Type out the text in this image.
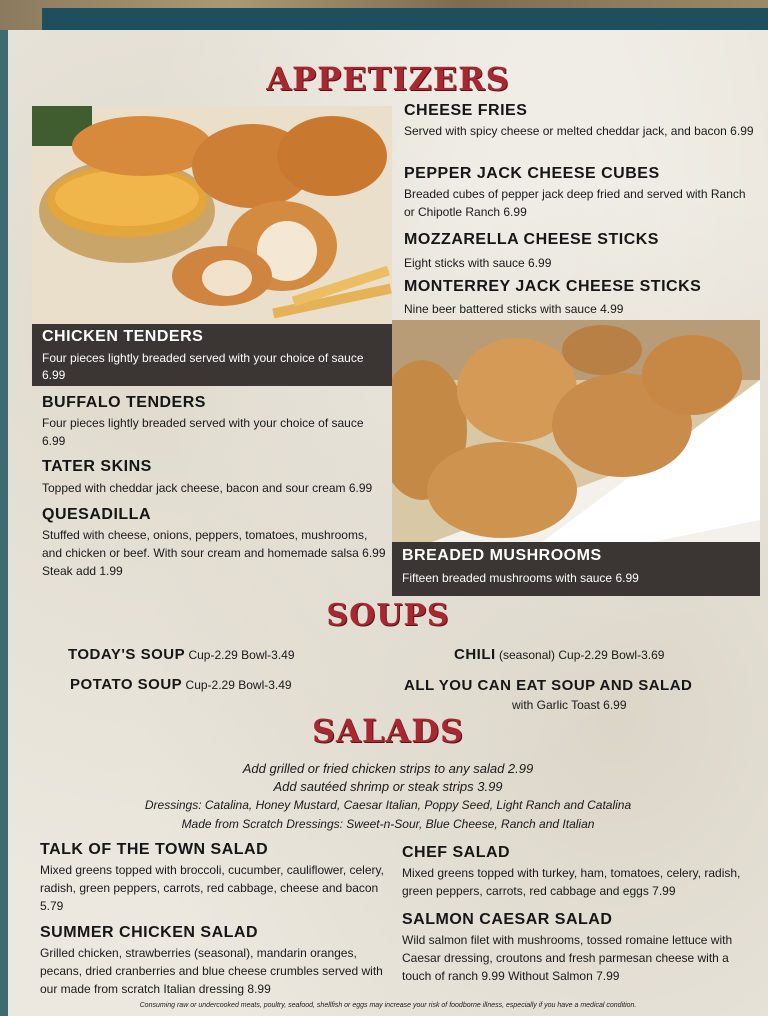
APPETIZERS
CHICKEN TENDERS
Four pieces lightly breaded served with your choice of sauce 6.99
CHEESE FRIES
Served with spicy cheese or melted cheddar jack, and bacon 6.99
PEPPER JACK CHEESE CUBES
Breaded cubes of pepper jack deep fried and served with Ranch or Chipotle Ranch 6.99
MOZZARELLA CHEESE STICKS
Eight sticks with sauce 6.99
MONTERREY JACK CHEESE STICKS
Nine beer battered sticks with sauce 4.99
BREADED MUSHROOMS
Fifteen breaded mushrooms with sauce 6.99
BUFFALO TENDERS
Four pieces lightly breaded served with your choice of sauce 6.99
TATER SKINS
Topped with cheddar jack cheese, bacon and sour cream 6.99
QUESADILLA
Stuffed with cheese, onions, peppers, tomatoes, mushrooms, and chicken or beef. With sour cream and homemade salsa 6.99 Steak add 1.99
SOUPS
TODAY'S SOUP Cup-2.29 Bowl-3.49
POTATO SOUP Cup-2.29 Bowl-3.49
CHILI (seasonal) Cup-2.29 Bowl-3.69
ALL YOU CAN EAT SOUP AND SALAD
with Garlic Toast 6.99
SALADS
Add grilled or fried chicken strips to any salad 2.99
Add sautéed shrimp or steak strips 3.99
Dressings: Catalina, Honey Mustard, Caesar Italian, Poppy Seed, Light Ranch and Catalina
Made from Scratch Dressings: Sweet-n-Sour, Blue Cheese, Ranch and Italian
TALK OF THE TOWN SALAD
Mixed greens topped with broccoli, cucumber, cauliflower, celery, radish, green peppers, carrots, red cabbage, cheese and bacon 5.79
CHEF SALAD
Mixed greens topped with turkey, ham, tomatoes, celery, radish, green peppers, carrots, red cabbage and eggs 7.99
SUMMER CHICKEN SALAD
Grilled chicken, strawberries (seasonal), mandarin oranges, pecans, dried cranberries and blue cheese crumbles served with our made from scratch Italian dressing 8.99
SALMON CAESAR SALAD
Wild salmon filet with mushrooms, tossed romaine lettuce with Caesar dressing, croutons and fresh parmesan cheese with a touch of ranch 9.99 Without Salmon 7.99
Consuming raw or undercooked meats, poultry, seafood, shellfish or eggs may increase your risk of foodborne illness, especially if you have a medical condition.
